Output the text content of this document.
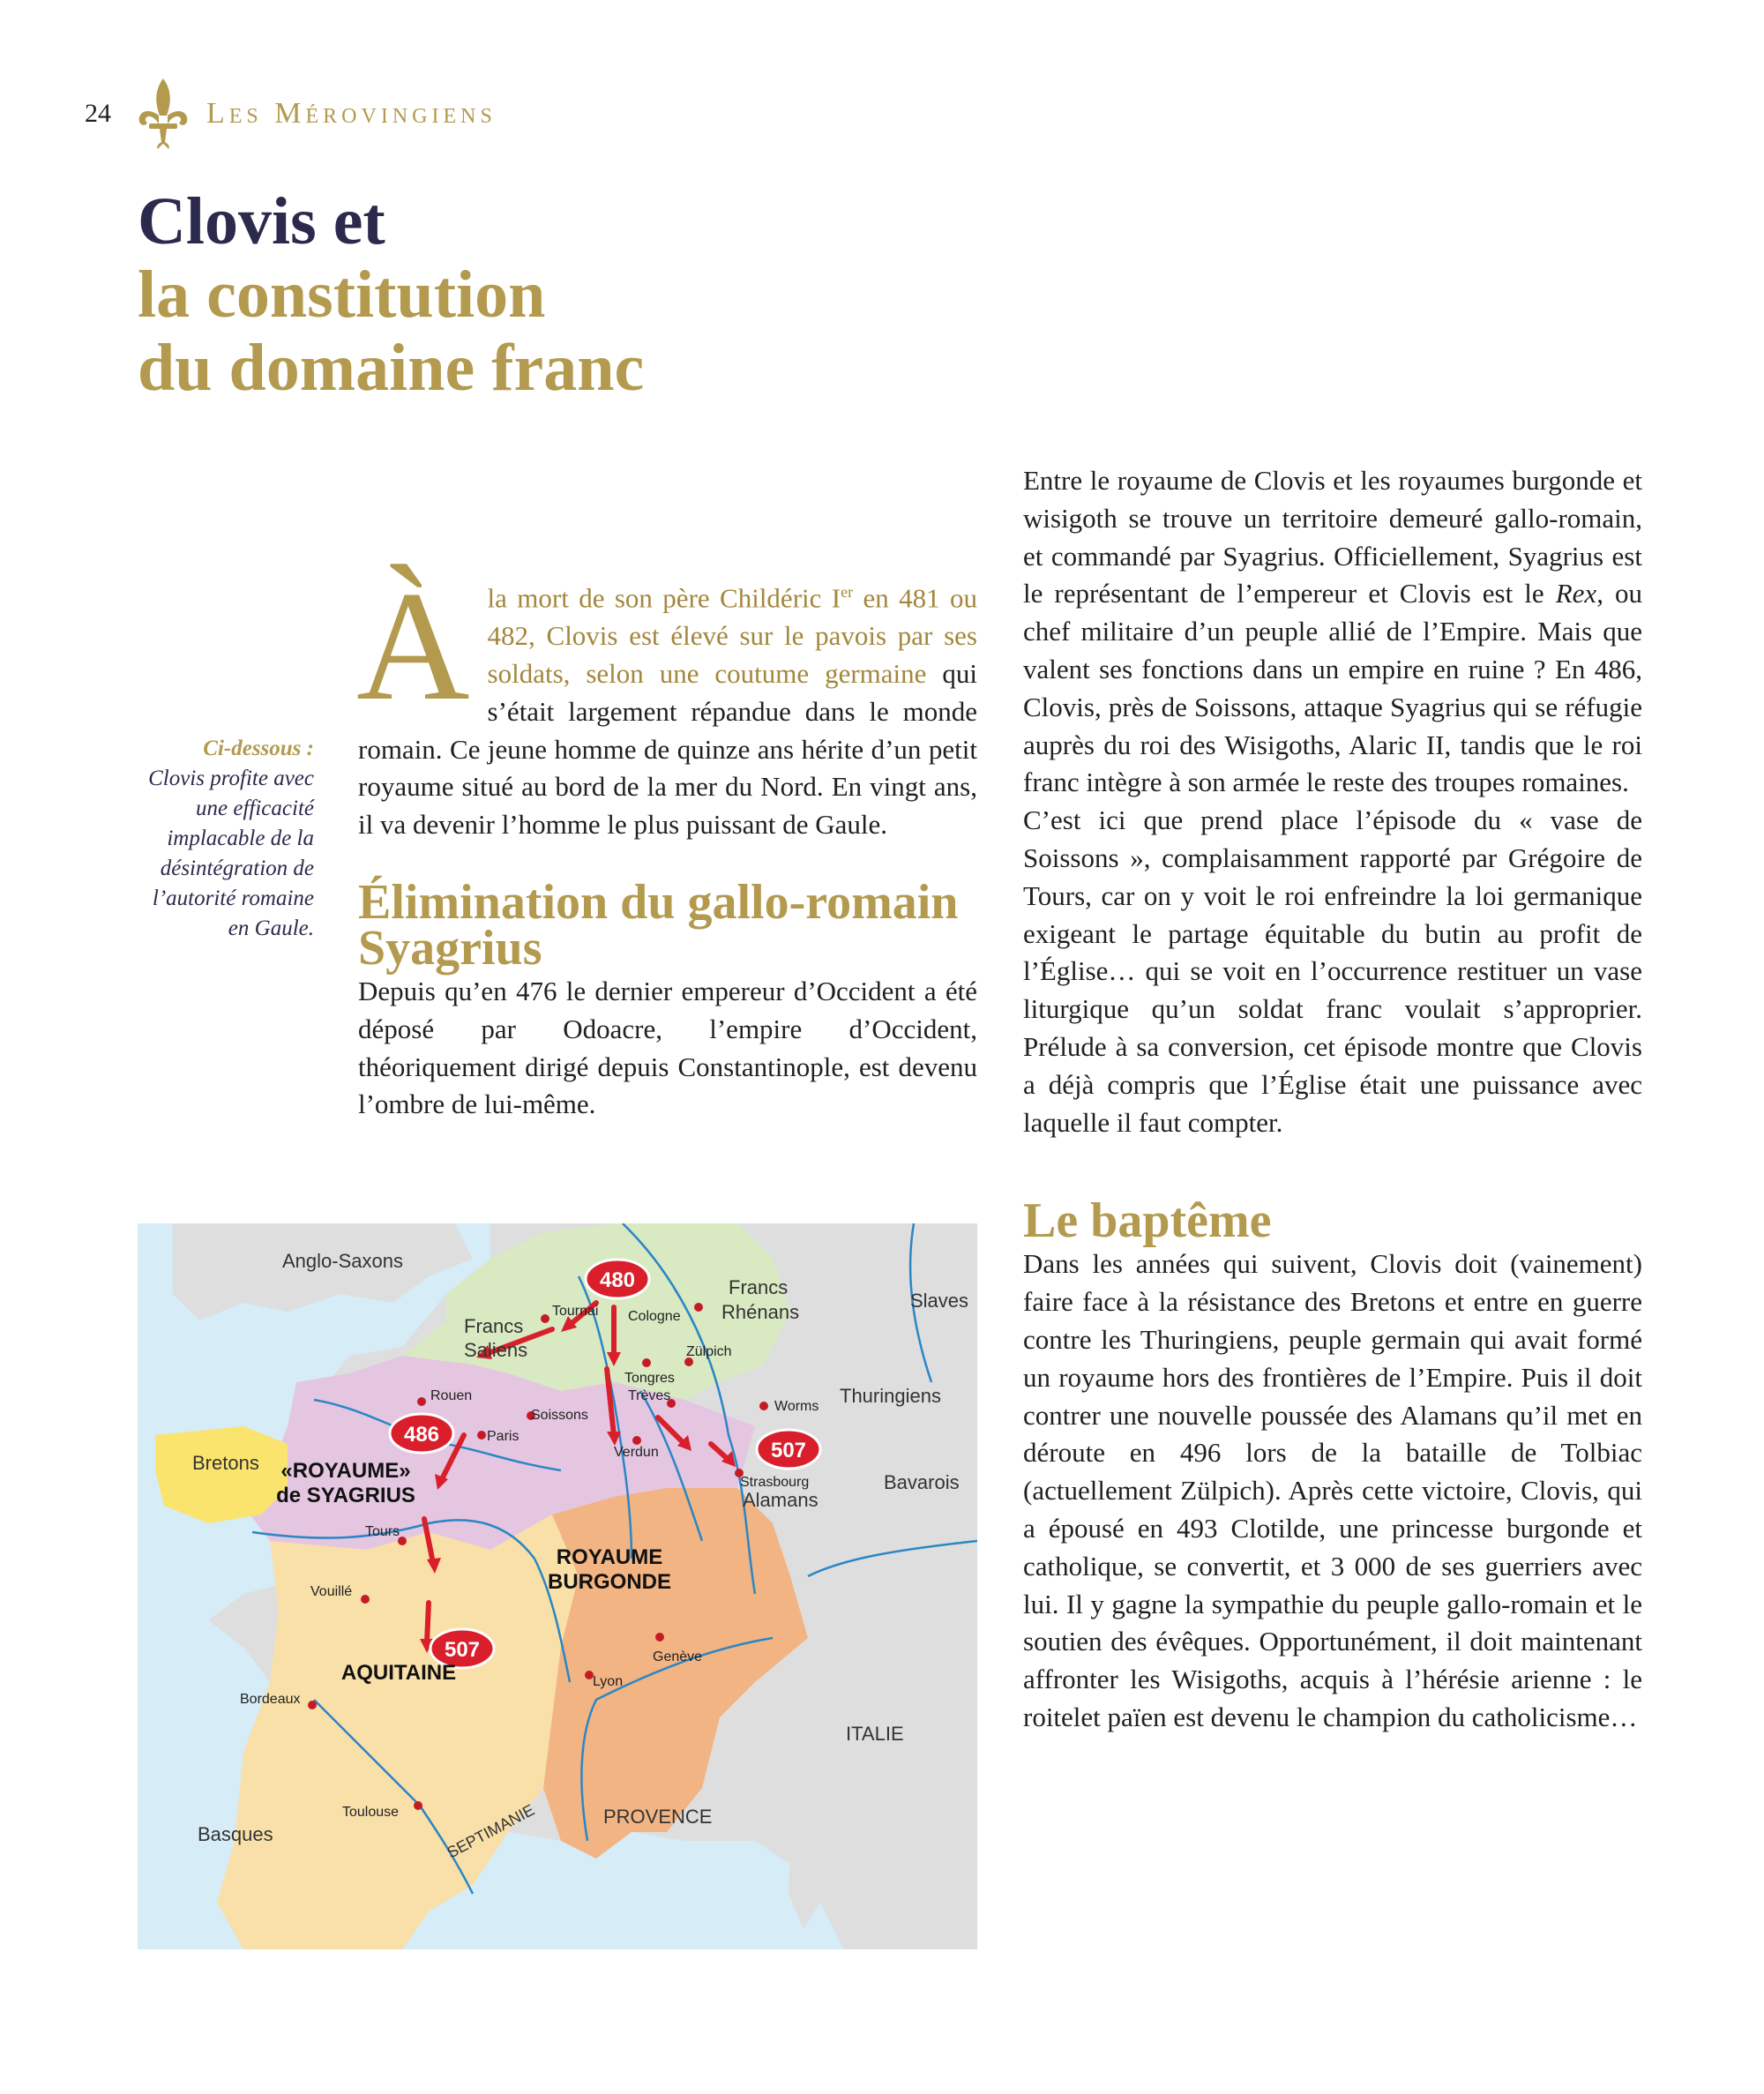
24	Les Mérovingiens
Clovis et
la constitution
du domaine franc
Ci-dessous :
Clovis profite avec une efficacité implacable de la désintégration de l’autorité romaine en Gaule.

Àla mort de son père Childéric Ier en 481 ou 482, Clovis est élevé sur le pavois par ses soldats, selon une coutume germaine qui s’était largement répandue dans le monde romain. Ce jeune homme de quinze ans hérite d’un petit royaume situé au bord de la mer du Nord. En vingt ans, il va devenir l’homme le plus puissant de Gaule.

Élimination du gallo-romain Syagrius

Depuis qu’en 476 le dernier empereur d’Occident a été déposé par Odoacre, l’empire d’Occident, théoriquement dirigé depuis Constantinople, est devenu l’ombre de lui-même.

Entre le royaume de Clovis et les royaumes burgonde et wisigoth se trouve un territoire demeuré gallo-romain, et commandé par Syagrius. Officiellement, Syagrius est le représentant de l’empereur et Clovis est le Rex, ou chef militaire d’un peuple allié de l’Empire. Mais que valent ses fonctions dans un empire en ruine ? En 486, Clovis, près de Soissons, attaque Syagrius qui se réfugie auprès du roi des Wisigoths, Alaric II, tandis que le roi franc intègre à son armée le reste des troupes romaines.

C’est ici que prend place l’épisode du « vase de Soissons », complaisamment rapporté par Grégoire de Tours, car on y voit le roi enfreindre la loi germanique exigeant le partage équitable du butin au profit de l’Église… qui se voit en l’occurrence restituer un vase liturgique qu’un soldat franc voulait s’approprier. Prélude à sa conversion, cet épisode montre que Clovis a déjà compris que l’Église était une puissance avec laquelle il faut compter.

Le baptême

Dans les années qui suivent, Clovis doit (vainement) faire face à la résistance des Bretons et entre en guerre contre les Thuringiens, peuple germain qui avait formé un royaume hors des frontières de l’Empire. Puis il doit contrer une nouvelle poussée des Alamans qu’il met en déroute en 496 lors de la bataille de Tolbiac (actuellement Zülpich). Après cette victoire, Clovis, qui a épousé en 493 Clotilde, une princesse burgonde et catholique, se convertit, et 3 000 de ses guerriers avec lui. Il y gagne la sympathie du peuple gallo-romain et le soutien des évêques. Opportunément, il doit maintenant affronter les Wisigoths, acquis à l’hérésie arienne : le roitelet païen est devenu le champion du catholicisme…

480
486
507
507
Anglo-Saxons
Francs
Saliens
Francs
Rhénans
Slaves
Thuringiens
Bavarois
Alamans
Bretons
ITALIE
PROVENCE
SEPTIMANIE
Basques
«ROYAUME»
de SYAGRIUS
ROYAUME
BURGONDE
AQUITAINE
Tournai Cologne
Tongres
Zülpich
Trèves
Worms
Rouen
Soissons
Paris
Verdun
Strasbourg
Tours
Vouillé
Bordeaux
Toulouse
Lyon
Genève
